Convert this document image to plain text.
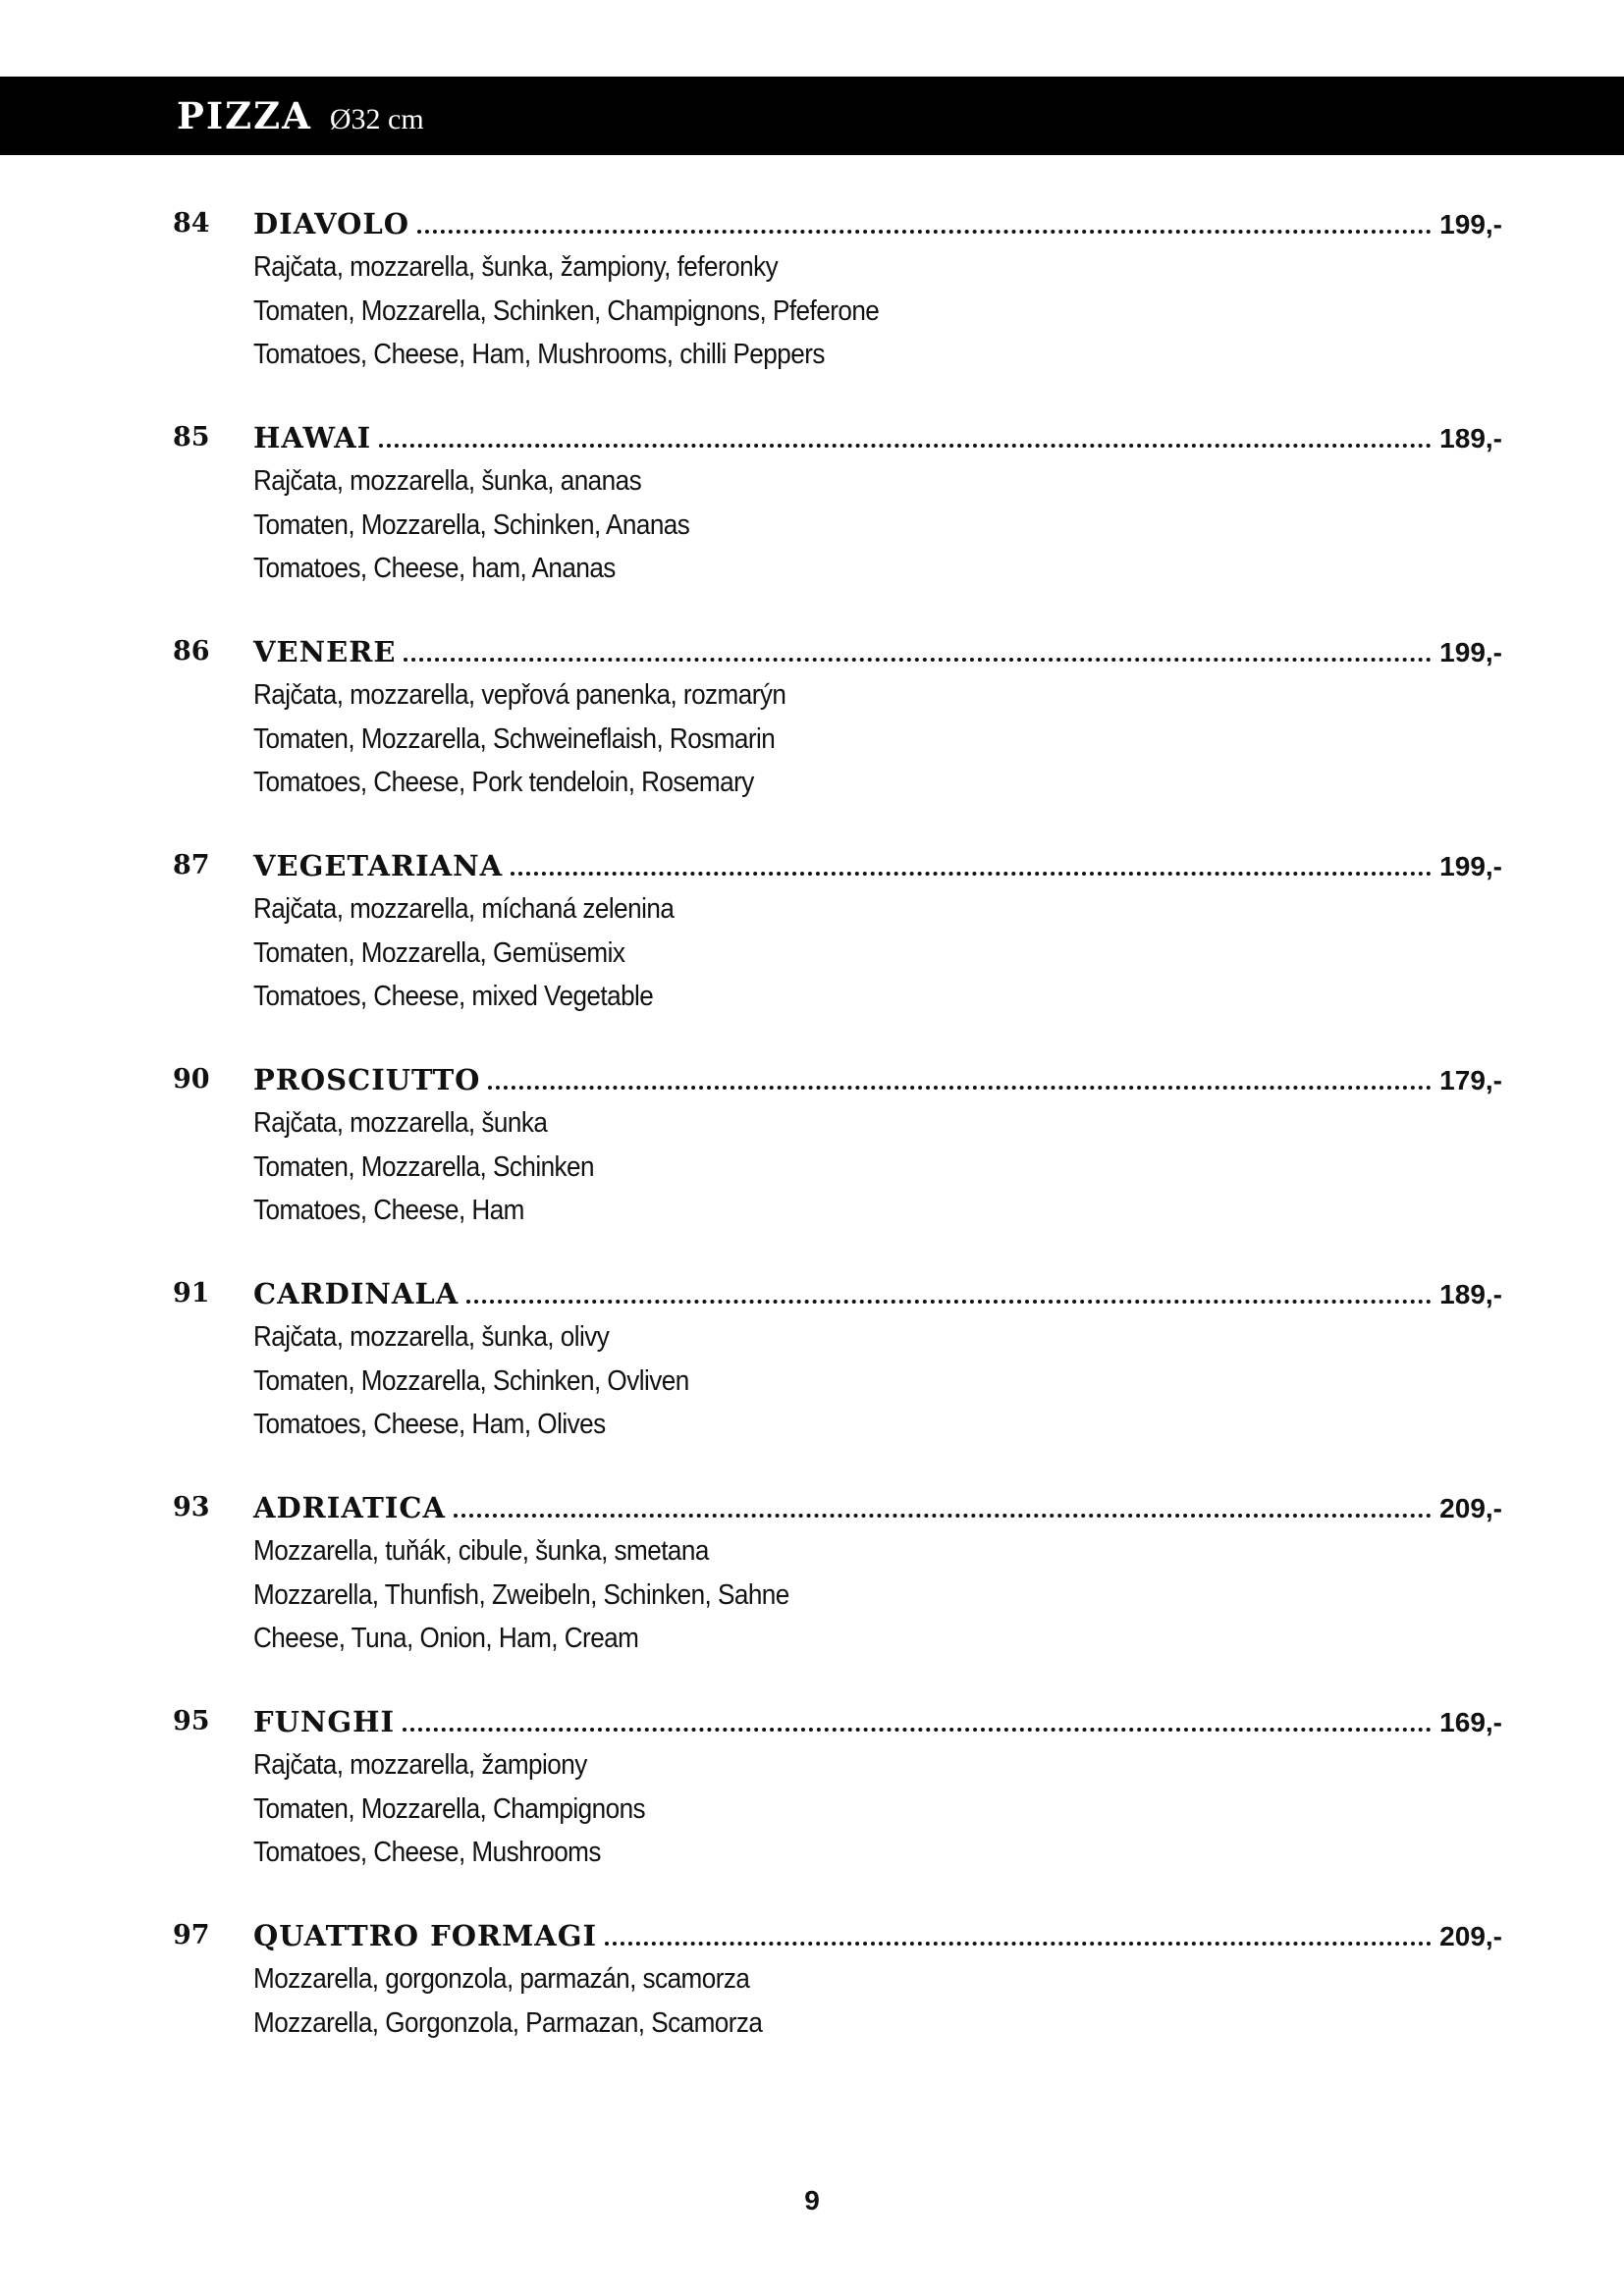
PIZZA Ø32 cm
84 DIAVOLO	199,-
Rajčata, mozzarella, šunka, žampiony, feferonky
Tomaten, Mozzarella, Schinken, Champignons, Pfeferone
Tomatoes, Cheese, Ham, Mushrooms, chilli Peppers
85 HAWAI	189,-
Rajčata, mozzarella, šunka, ananas
Tomaten, Mozzarella, Schinken, Ananas
Tomatoes, Cheese, ham, Ananas
86 VENERE	199,-
Rajčata, mozzarella, vepřová panenka, rozmarýn
Tomaten, Mozzarella, Schweineflaish, Rosmarin
Tomatoes, Cheese, Pork tendeloin, Rosemary
87 VEGETARIANA	199,-
Rajčata, mozzarella, míchaná zelenina
Tomaten, Mozzarella, Gemüsemix
Tomatoes, Cheese, mixed Vegetable
90 PROSCIUTTO	179,-
Rajčata, mozzarella, šunka
Tomaten, Mozzarella, Schinken
Tomatoes, Cheese, Ham
91 CARDINALA	189,-
Rajčata, mozzarella, šunka, olivy
Tomaten, Mozzarella, Schinken, Ovliven
Tomatoes, Cheese, Ham, Olives
93 ADRIATICA	209,-
Mozzarella, tuňák, cibule, šunka, smetana
Mozzarella, Thunfish, Zweibeln, Schinken, Sahne
Cheese, Tuna, Onion, Ham, Cream
95 FUNGHI	169,-
Rajčata, mozzarella, žampiony
Tomaten, Mozzarella, Champignons
Tomatoes, Cheese, Mushrooms
97 QUATTRO FORMAGI	209,-
Mozzarella, gorgonzola, parmazán, scamorza
Mozzarella, Gorgonzola, Parmazan, Scamorza
9
